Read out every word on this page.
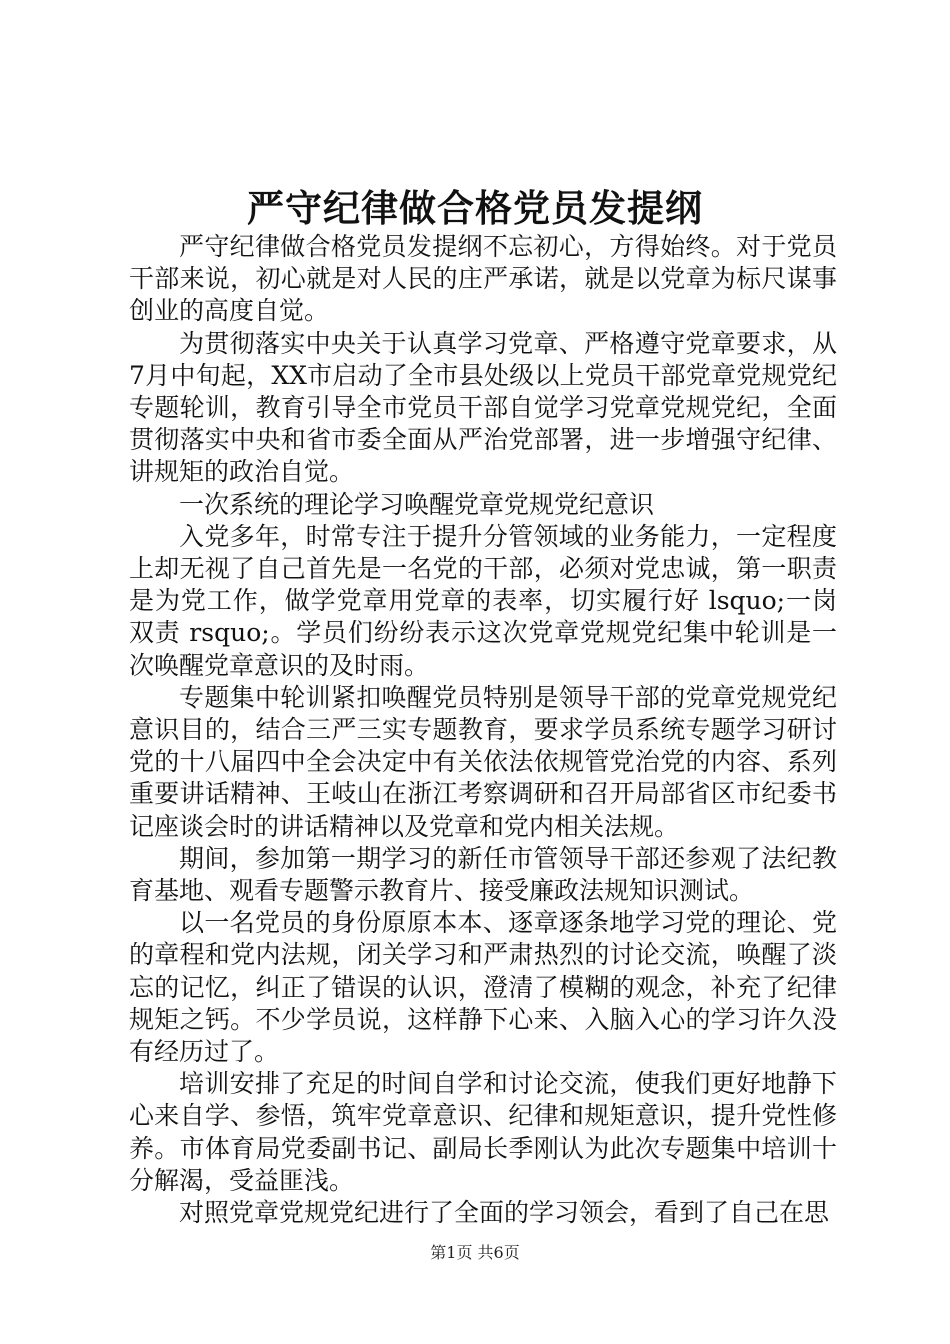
严守纪律做合格党员发提纲

严守纪律做合格党员发提纲不忘初心，方得始终。对于党员干部来说，初心就是对人民的庄严承诺，就是以党章为标尺谋事创业的高度自觉。

为贯彻落实中央关于认真学习党章、严格遵守党章要求，从7月中旬起，XX市启动了全市县处级以上党员干部党章党规党纪专题轮训，教育引导全市党员干部自觉学习党章党规党纪，全面贯彻落实中央和省市委全面从严治党部署，进一步增强守纪律、讲规矩的政治自觉。

一次系统的理论学习唤醒党章党规党纪意识

入党多年，时常专注于提升分管领域的业务能力，一定程度上却无视了自己首先是一名党的干部，必须对党忠诚，第一职责是为党工作，做学党章用党章的表率，切实履行好 lsquo;一岗双责 rsquo;。学员们纷纷表示这次党章党规党纪集中轮训是一次唤醒党章意识的及时雨。

专题集中轮训紧扣唤醒党员特别是领导干部的党章党规党纪意识目的，结合三严三实专题教育，要求学员系统专题学习研讨党的十八届四中全会决定中有关依法依规管党治党的内容、系列重要讲话精神、王岐山在浙江考察调研和召开局部省区市纪委书记座谈会时的讲话精神以及党章和党内相关法规。

期间，参加第一期学习的新任市管领导干部还参观了法纪教育基地、观看专题警示教育片、接受廉政法规知识测试。

以一名党员的身份原原本本、逐章逐条地学习党的理论、党的章程和党内法规，闭关学习和严肃热烈的讨论交流，唤醒了淡忘的记忆，纠正了错误的认识，澄清了模糊的观念，补充了纪律规矩之钙。不少学员说，这样静下心来、入脑入心的学习许久没有经历过了。

培训安排了充足的时间自学和讨论交流，使我们更好地静下心来自学、参悟，筑牢党章意识、纪律和规矩意识，提升党性修养。市体育局党委副书记、副局长季刚认为此次专题集中培训十分解渴，受益匪浅。

对照党章党规党纪进行了全面的学习领会，看到了自己在思

第1页 共6页
